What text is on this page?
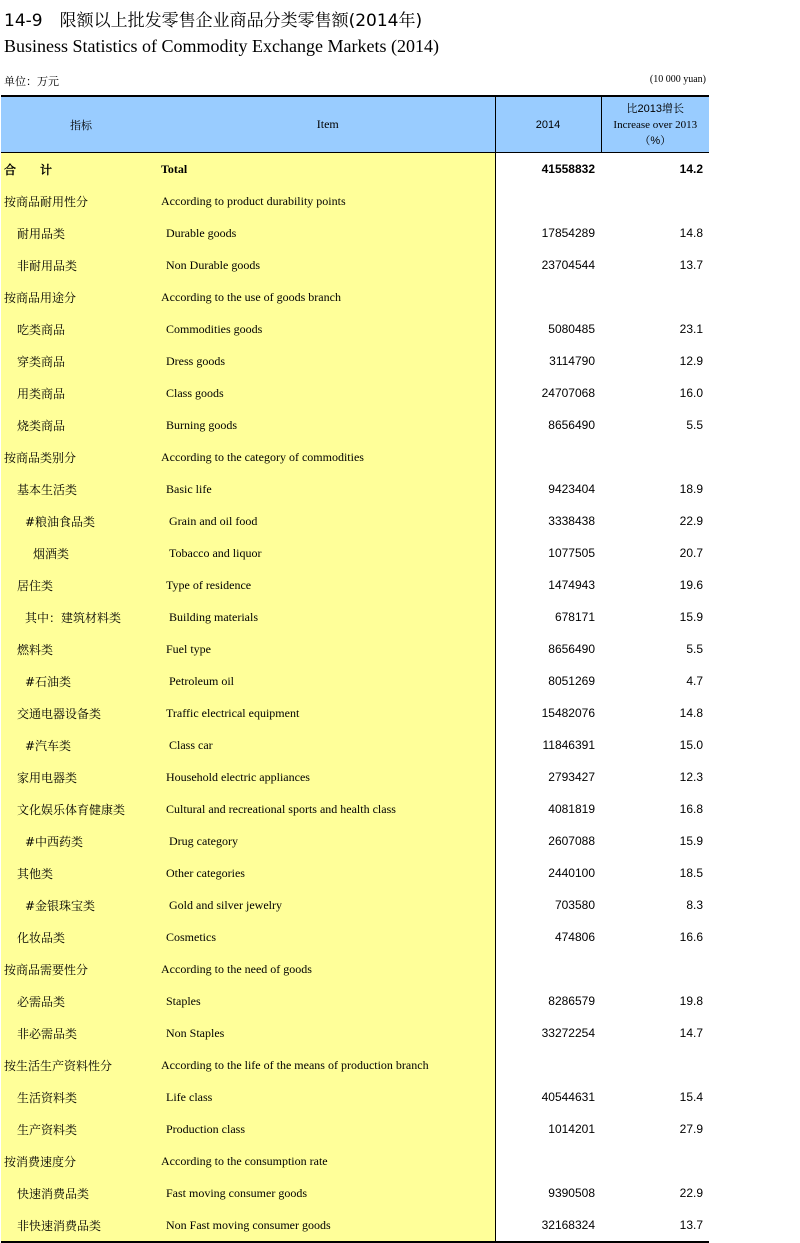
14-9　限额以上批发零售企业商品分类零售额(2014年)
Business Statistics of Commodity Exchange Markets (2014)
单位：万元	(10 000 yuan)
指标	Item	2014	比2013增长
Increase over 2013
（%）

合　　计	Total	41558832	14.2
按商品耐用性分	According to product durability points		
耐用品类	Durable goods	17854289	14.8
非耐用品类	Non Durable goods	23704544	13.7
按商品用途分	According to the use of goods branch		
吃类商品	Commodities goods	5080485	23.1
穿类商品	Dress goods	3114790	12.9
用类商品	Class goods	24707068	16.0
烧类商品	Burning goods	8656490	5.5
按商品类别分	According to the category of commodities		
基本生活类	Basic life	9423404	18.9
#粮油食品类	Grain and oil food	3338438	22.9
烟酒类	Tobacco and liquor	1077505	20.7
居住类	Type of residence	1474943	19.6
其中：建筑材料类	Building materials	678171	15.9
燃料类	Fuel type	8656490	5.5
#石油类	Petroleum oil	8051269	4.7
交通电器设备类	Traffic electrical equipment	15482076	14.8
#汽车类	Class car	11846391	15.0
家用电器类	Household electric appliances	2793427	12.3
文化娱乐体育健康类	Cultural and recreational sports and health class	4081819	16.8
#中西药类	Drug category	2607088	15.9
其他类	Other categories	2440100	18.5
#金银珠宝类	Gold and silver jewelry	703580	8.3
化妆品类	Cosmetics	474806	16.6
按商品需要性分	According to the need of goods		
必需品类	Staples	8286579	19.8
非必需品类	Non Staples	33272254	14.7
按生活生产资料性分	According to the life of the means of production branch		
生活资料类	Life class	40544631	15.4
生产资料类	Production class	1014201	27.9
按消费速度分	According to the consumption rate		
快速消费品类	Fast moving consumer goods	9390508	22.9
非快速消费品类	Non Fast moving consumer goods	32168324	13.7
